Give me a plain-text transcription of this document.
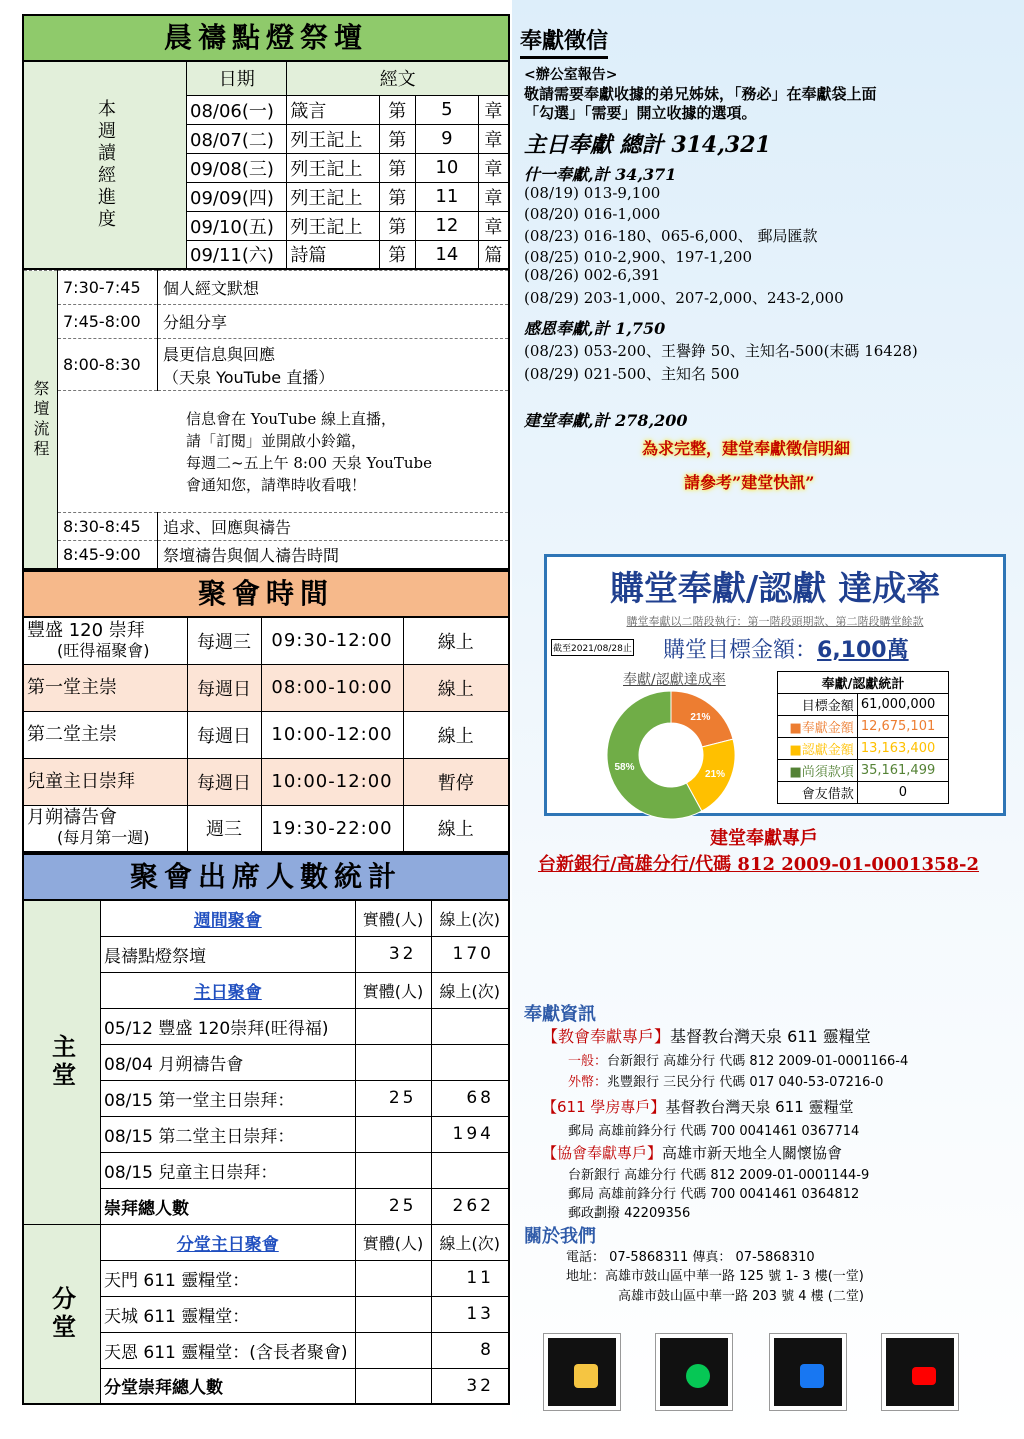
晨禱點燈祭壇
本週讀經進度	日期	經文			
	08/06(一)	箴言	第	5	章
	08/07(二)	列王記上	第	9	章
	09/08(三)	列王記上	第	10	章
	09/09(四)	列王記上	第	11	章
	09/10(五)	列王記上	第	12	章
	09/11(六)	詩篇	第	14	篇
祭壇流程	7:30-7:45	個人經文默想
	7:45-8:00	分組分享
	8:00-8:30	晨更信息與回應
（天泉 YouTube 直播）

	信息會在 YouTube 線上直播，
請「訂閱」並開啟小鈴鐺，
每週二~五上午 8:00 天泉 YouTube
會通知您，請準時收看哦！	

	8:30-8:45	追求、回應與禱告
	8:45-9:00	祭壇禱告與個人禱告時間
聚會時間
豐盛 120 崇拜
(旺得福聚會)	每週三	09:30-12:00	線上

第一堂主崇	每週日	08:00-10:00	線上

第二堂主崇	每週日	10:00-12:00	線上

兒童主日崇拜	每週日	10:00-12:00	暫停

月朔禱告會
(每月第一週)	週三	19:30-22:00	線上
聚會出席人數統計
主堂	週間聚會	實體(人)	線上(次)
	晨禱點燈祭壇	32	170
	主日聚會	實體(人)	線上(次)
	05/12 豐盛 120崇拜(旺得福)		
	08/04 月朔禱告會		
	08/15 第一堂主日崇拜：	25	68
	08/15 第二堂主日崇拜：		194
	08/15 兒童主日崇拜：		
	崇拜總人數	25	262
分堂	分堂主日聚會	實體(人)	線上(次)
	天門 611 靈糧堂：		11
	天城 611 靈糧堂：		13
	天恩 611 靈糧堂：(含長者聚會)		8
	分堂崇拜總人數		32
奉獻徵信
<辦公室報告>
敬請需要奉獻收據的弟兄姊妹，「務必」在奉獻袋上面
「勾選」「需要」開立收據的選項。
主日奉獻 總計 314,321
什一奉獻,計 34,371
(08/19) 013-9,100
(08/20) 016-1,000
(08/23) 016-180、065-6,000、 郵局匯款
(08/25) 010-2,900、197-1,200
(08/26) 002-6,391
(08/29) 203-1,000、207-2,000、243-2,000
感恩奉獻,計 1,750
(08/23) 053-200、王譽錚 50、主知名-500(末碼 16428)
(08/29) 021-500、主知名 500
建堂奉獻,計 278,200
為求完整，建堂奉獻徵信明細
請參考”建堂快訊”
購堂奉獻/認獻 達成率
購堂奉獻以二階段執行：第一階段頭期款、第二階段購堂餘款
截至2021/08/28止 購堂目標金額：6,100萬
奉獻/認獻達成率
21%
21%
58%
奉獻/認獻統計	
目標金額	61,000,000
■奉獻金額	12,675,101
■認獻金額	13,163,400
■尚須款項	35,161,499
會友借款	0
建堂奉獻專戶
台新銀行/高雄分行/代碼 812 2009-01-0001358-2
奉獻資訊
【教會奉獻專戶】基督教台灣天泉 611 靈糧堂
一般：台新銀行 高雄分行 代碼 812 2009-01-0001166-4
外幣：兆豐銀行 三民分行 代碼 017 040-53-07216-0
【611 學房專戶】基督教台灣天泉 611 靈糧堂
郵局 高雄前鋒分行 代碼 700 0041461 0367714
【協會奉獻專戶】高雄市新天地全人關懷協會
台新銀行 高雄分行 代碼 812 2009-01-0001144-9
郵局 高雄前鋒分行 代碼 700 0041461 0364812
郵政劃撥 42209356
關於我們
電話： 07-5868311 傳真： 07-5868310
地址：高雄市鼓山區中華一路 125 號 1- 3 樓(一堂)
高雄市鼓山區中華一路 203 號 4 樓 (二堂)
